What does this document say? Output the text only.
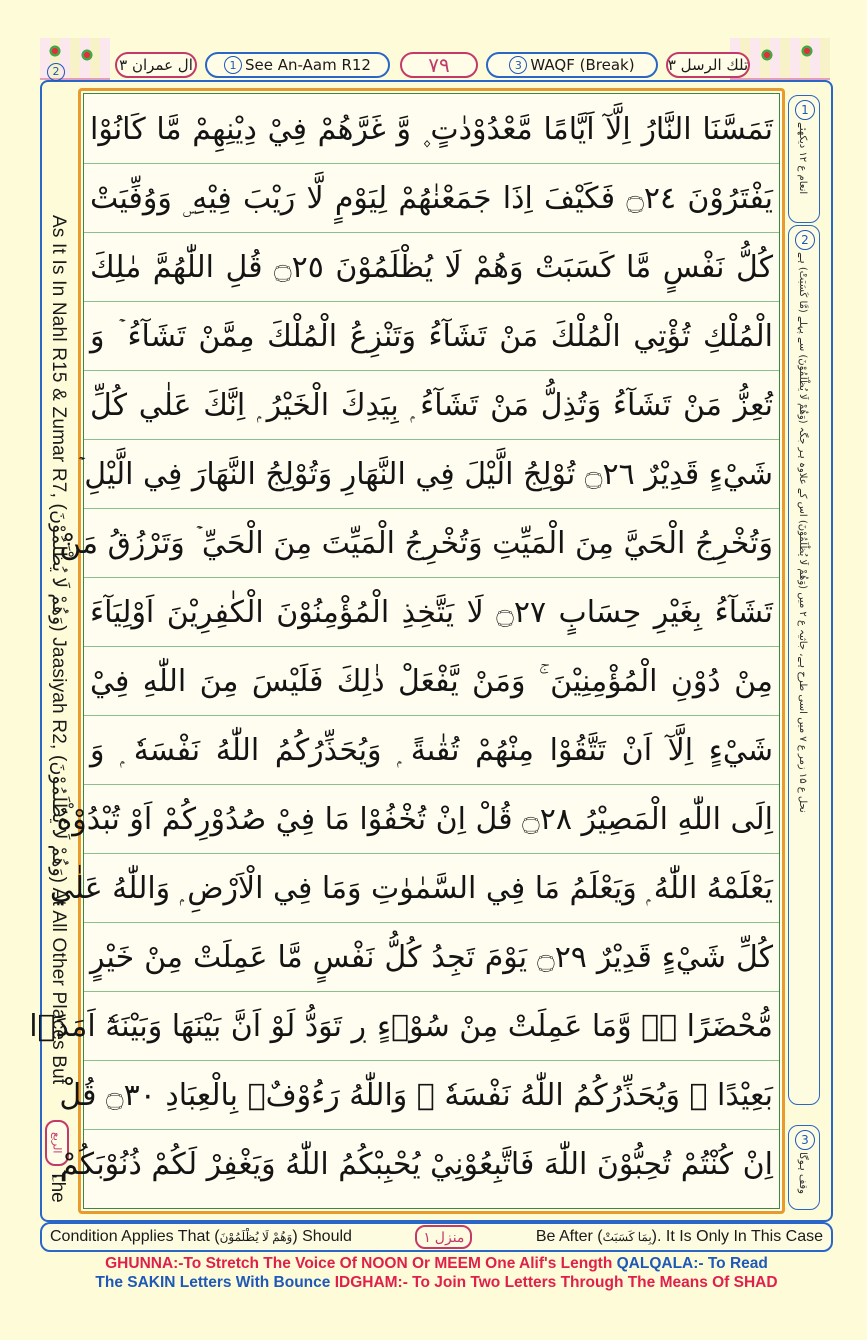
ال عمران ٣	1 See An-Aam R12	٧٩	3 WAQF (Break) تلك الرسل ٣
As It Is In Nahl R15 & Zumar R7, (وَهُمْ لَا يُظْلَمُوْنَ) Jaasiyah R2, (وَهُمْ لَا يُظْلَمُوْنَ) At All Other Places But
2
الربع
The
1
انعام ع ١٢ دیکھئے
2
نحل ع ۱۵ زمر ع ۷ میں اسی طرح ہے، جاثیہ ع ۲ میں (وَهُمْ لَا يُظْلَمُوْنَ) اس کے علاوہ ہر جگہ (وَهُمْ لَا يُظْلَمُوْنَ) سے پہلے (مَّا كَسَبَتْ) ہے
3
وقف ہوگا
تَمَسَّنَا النَّارُ اِلَّآ اَيَّامًا مَّعْدُوْدٰتٍ ۪ وَّ غَرَّهُمْ فِيْ دِيْنِهِمْ مَّا كَانُوْا
يَفْتَرُوْنَ ۝٢٤ فَكَيْفَ اِذَا جَمَعْنٰهُمْ لِيَوْمٍ لَّا رَيْبَ فِيْهِ ۣ وَوُفِّيَتْ
كُلُّ نَفْسٍ مَّا كَسَبَتْ وَهُمْ لَا يُظْلَمُوْنَ ۝٢٥ قُلِ اللّٰهُمَّ مٰلِكَ
الْمُلْكِ تُؤْتِي الْمُلْكَ مَنْ تَشَآءُ وَتَنْزِعُ الْمُلْكَ مِمَّنْ تَشَآءُ ۡ وَ
تُعِزُّ مَنْ تَشَآءُ وَتُذِلُّ مَنْ تَشَآءُ ۭ بِيَدِكَ الْخَيْرُ ۭ اِنَّكَ عَلٰي كُلِّ
شَيْءٍ قَدِيْرٌ ۝٢٦ تُوْلِجُ الَّيْلَ فِي النَّهَارِ وَتُوْلِجُ النَّهَارَ فِي الَّيْلِ ۡ
وَتُخْرِجُ الْحَيَّ مِنَ الْمَيِّتِ وَتُخْرِجُ الْمَيِّتَ مِنَ الْحَيِّ ۡ وَتَرْزُقُ مَنْ
تَشَآءُ بِغَيْرِ حِسَابٍ ۝٢٧ لَا يَتَّخِذِ الْمُؤْمِنُوْنَ الْكٰفِرِيْنَ اَوْلِيَآءَ
مِنْ دُوْنِ الْمُؤْمِنِيْنَ ۚ وَمَنْ يَّفْعَلْ ذٰلِكَ فَلَيْسَ مِنَ اللّٰهِ فِيْ
شَيْءٍ اِلَّآ اَنْ تَتَّقُوْا مِنْهُمْ تُقٰىةً ۭ وَيُحَذِّرُكُمُ اللّٰهُ نَفْسَهٗ ۭ وَ
اِلَى اللّٰهِ الْمَصِيْرُ ۝٢٨ قُلْ اِنْ تُخْفُوْا مَا فِيْ صُدُوْرِكُمْ اَوْ تُبْدُوْهُ
يَعْلَمْهُ اللّٰهُ ۭ وَيَعْلَمُ مَا فِي السَّمٰوٰتِ وَمَا فِي الْاَرْضِ ۭ وَاللّٰهُ عَلٰي
كُلِّ شَيْءٍ قَدِيْرٌ ۝٢٩ يَوْمَ تَجِدُ كُلُّ نَفْسٍ مَّا عَمِلَتْ مِنْ خَيْرٍ
مُّحْضَرًا ۚۖ وَّمَا عَمِلَتْ مِنْ سُوْۗءٍ ڔ تَوَدُّ لَوْ اَنَّ بَيْنَهَا وَبَيْنَهٗٓ اَمَدًۢا
بَعِيْدًا ۭ وَيُحَذِّرُكُمُ اللّٰهُ نَفْسَهٗ ۭ وَاللّٰهُ رَءُوْفٌۢ بِالْعِبَادِ ۝٣٠ قُلْ
اِنْ كُنْتُمْ تُحِبُّوْنَ اللّٰهَ فَاتَّبِعُوْنِيْ يُحْبِبْكُمُ اللّٰهُ وَيَغْفِرْ لَكُمْ ذُنُوْبَكُمْ ۭ
Condition Applies That (وَهُمْ لَا يُظْلَمُوْنَ) Should	منزل ١	Be After (بِمَا كَسَبَتْ). It Is Only In This Case
GHUNNA:-To Stretch The Voice Of NOON Or MEEM One Alif's Length QALQALA:- To Read
The SAKIN Letters With Bounce IDGHAM:- To Join Two Letters Through The Means Of SHAD
